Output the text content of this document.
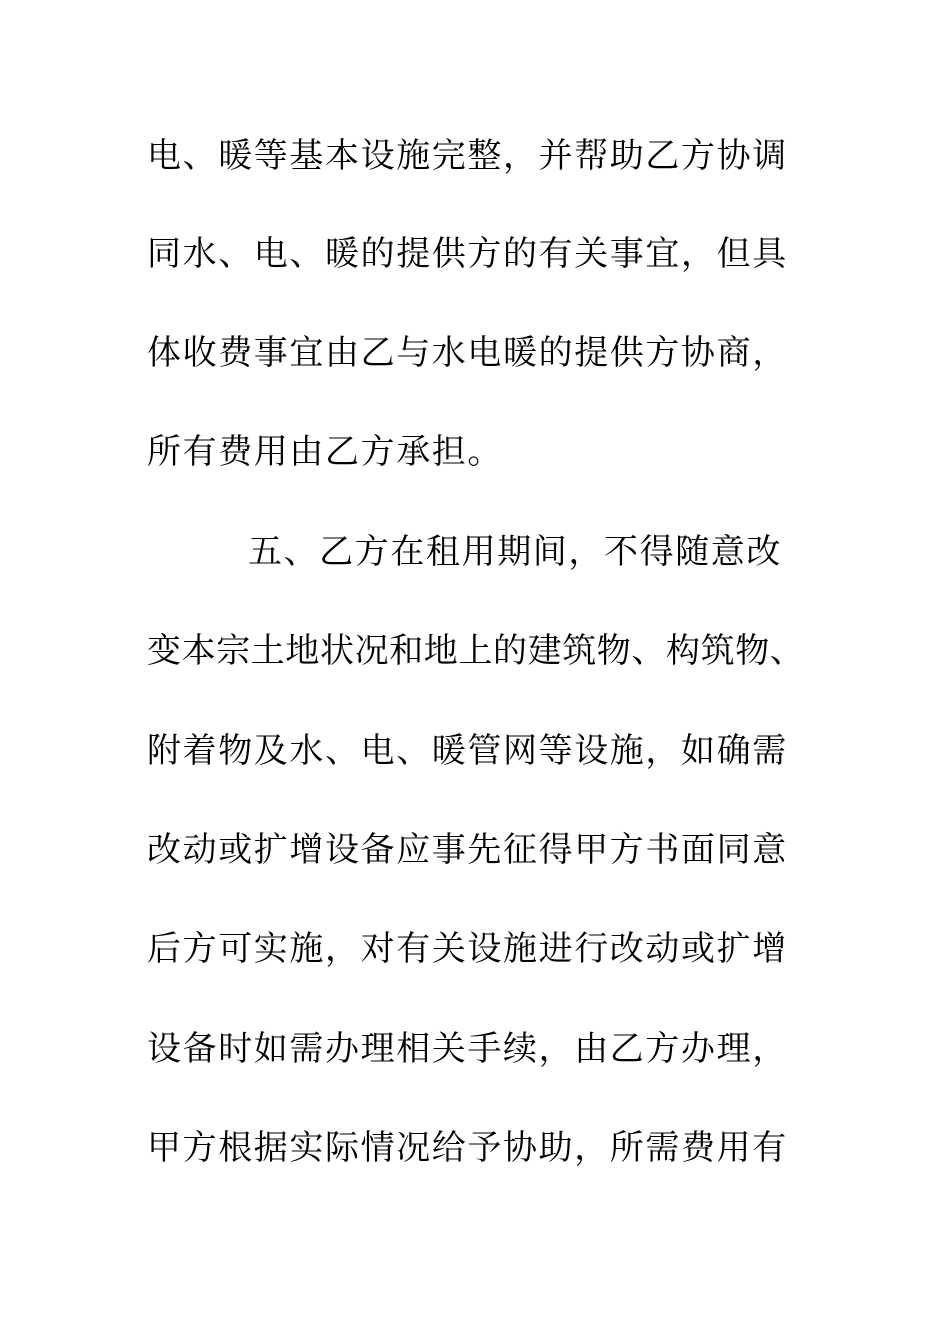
电、暖等基本设施完整，并帮助乙方协调
同水、电、暖的提供方的有关事宜，但具
体收费事宜由乙与水电暖的提供方协商，
所有费用由乙方承担。
五、乙方在租用期间，不得随意改
变本宗土地状况和地上的建筑物、构筑物、
附着物及水、电、暖管网等设施，如确需
改动或扩增设备应事先征得甲方书面同意
后方可实施，对有关设施进行改动或扩增
设备时如需办理相关手续，由乙方办理，
甲方根据实际情况给予协助，所需费用有
